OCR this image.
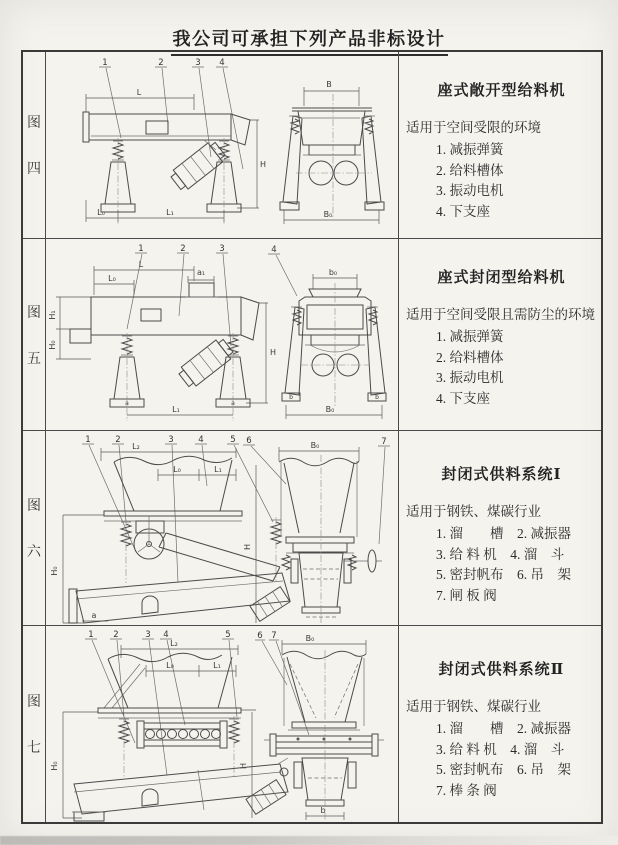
我公司可承担下列产品非标设计
图
四
1	2	3 4
L
L₀	L₁
H
B
B₀
座式敞开型给料机
适用于空间受限的环境
1. 减振弹簧
2. 给料槽体
3. 振动电机
4. 下支座
图
五
1	2	3
L
L₀
a₁
H₁
H₀
H
L₁
a	a
4
b₀
B₀
b	b
座式封闭型给料机
适用于空间受限且需防尘的环境
1. 减振弹簧
2. 给料槽体
3. 振动电机
4. 下支座
图
六
1	2	3	4	5
L₂
L₀	L₁
H₀
H
a
6	7
B₀
封闭式供料系统Ⅰ
适用于钢铁、煤碳行业
1. 溜　　槽　2. 减振器
3. 给 料 机　4. 溜　斗
5. 密封帆布　6. 吊　架
7. 闸 板 阀
图
七
1 2	3 4	5
L₂
L₀	L₁
H₀	H
6 7	B₀
b
封闭式供料系统Ⅱ
适用于钢铁、煤碳行业
1. 溜　　槽　2. 减振器
3. 给 料 机　4. 溜　斗
5. 密封帆布　6. 吊　架
7. 棒 条 阀
